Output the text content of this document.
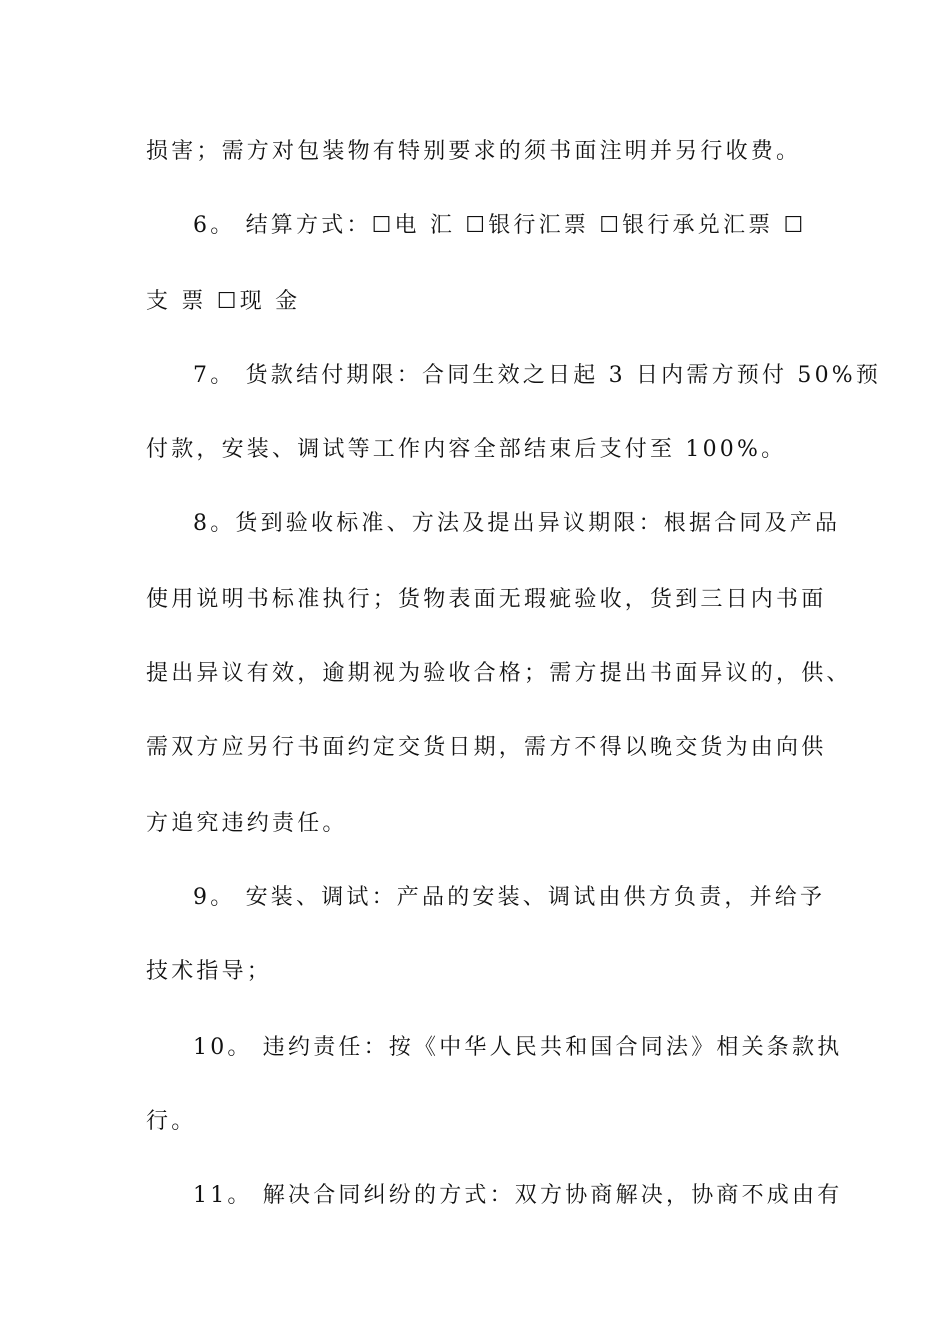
损害；需方对包装物有特别要求的须书面注明并另行收费。
6。 结算方式：☐电 汇 ☐银行汇票 ☐银行承兑汇票 ☐
支 票 ☐现 金
7。 货款结付期限：合同生效之日起 3 日内需方预付 50%预
付款，安装、调试等工作内容全部结束后支付至 100%。
8。货到验收标准、方法及提出异议期限：根据合同及产品
使用说明书标准执行；货物表面无瑕疵验收，货到三日内书面
提出异议有效，逾期视为验收合格；需方提出书面异议的，供、
需双方应另行书面约定交货日期，需方不得以晚交货为由向供
方追究违约责任。
9。 安装、调试：产品的安装、调试由供方负责，并给予
技术指导；
10。 违约责任：按《中华人民共和国合同法》相关条款执
行。
11。 解决合同纠纷的方式：双方协商解决，协商不成由有
